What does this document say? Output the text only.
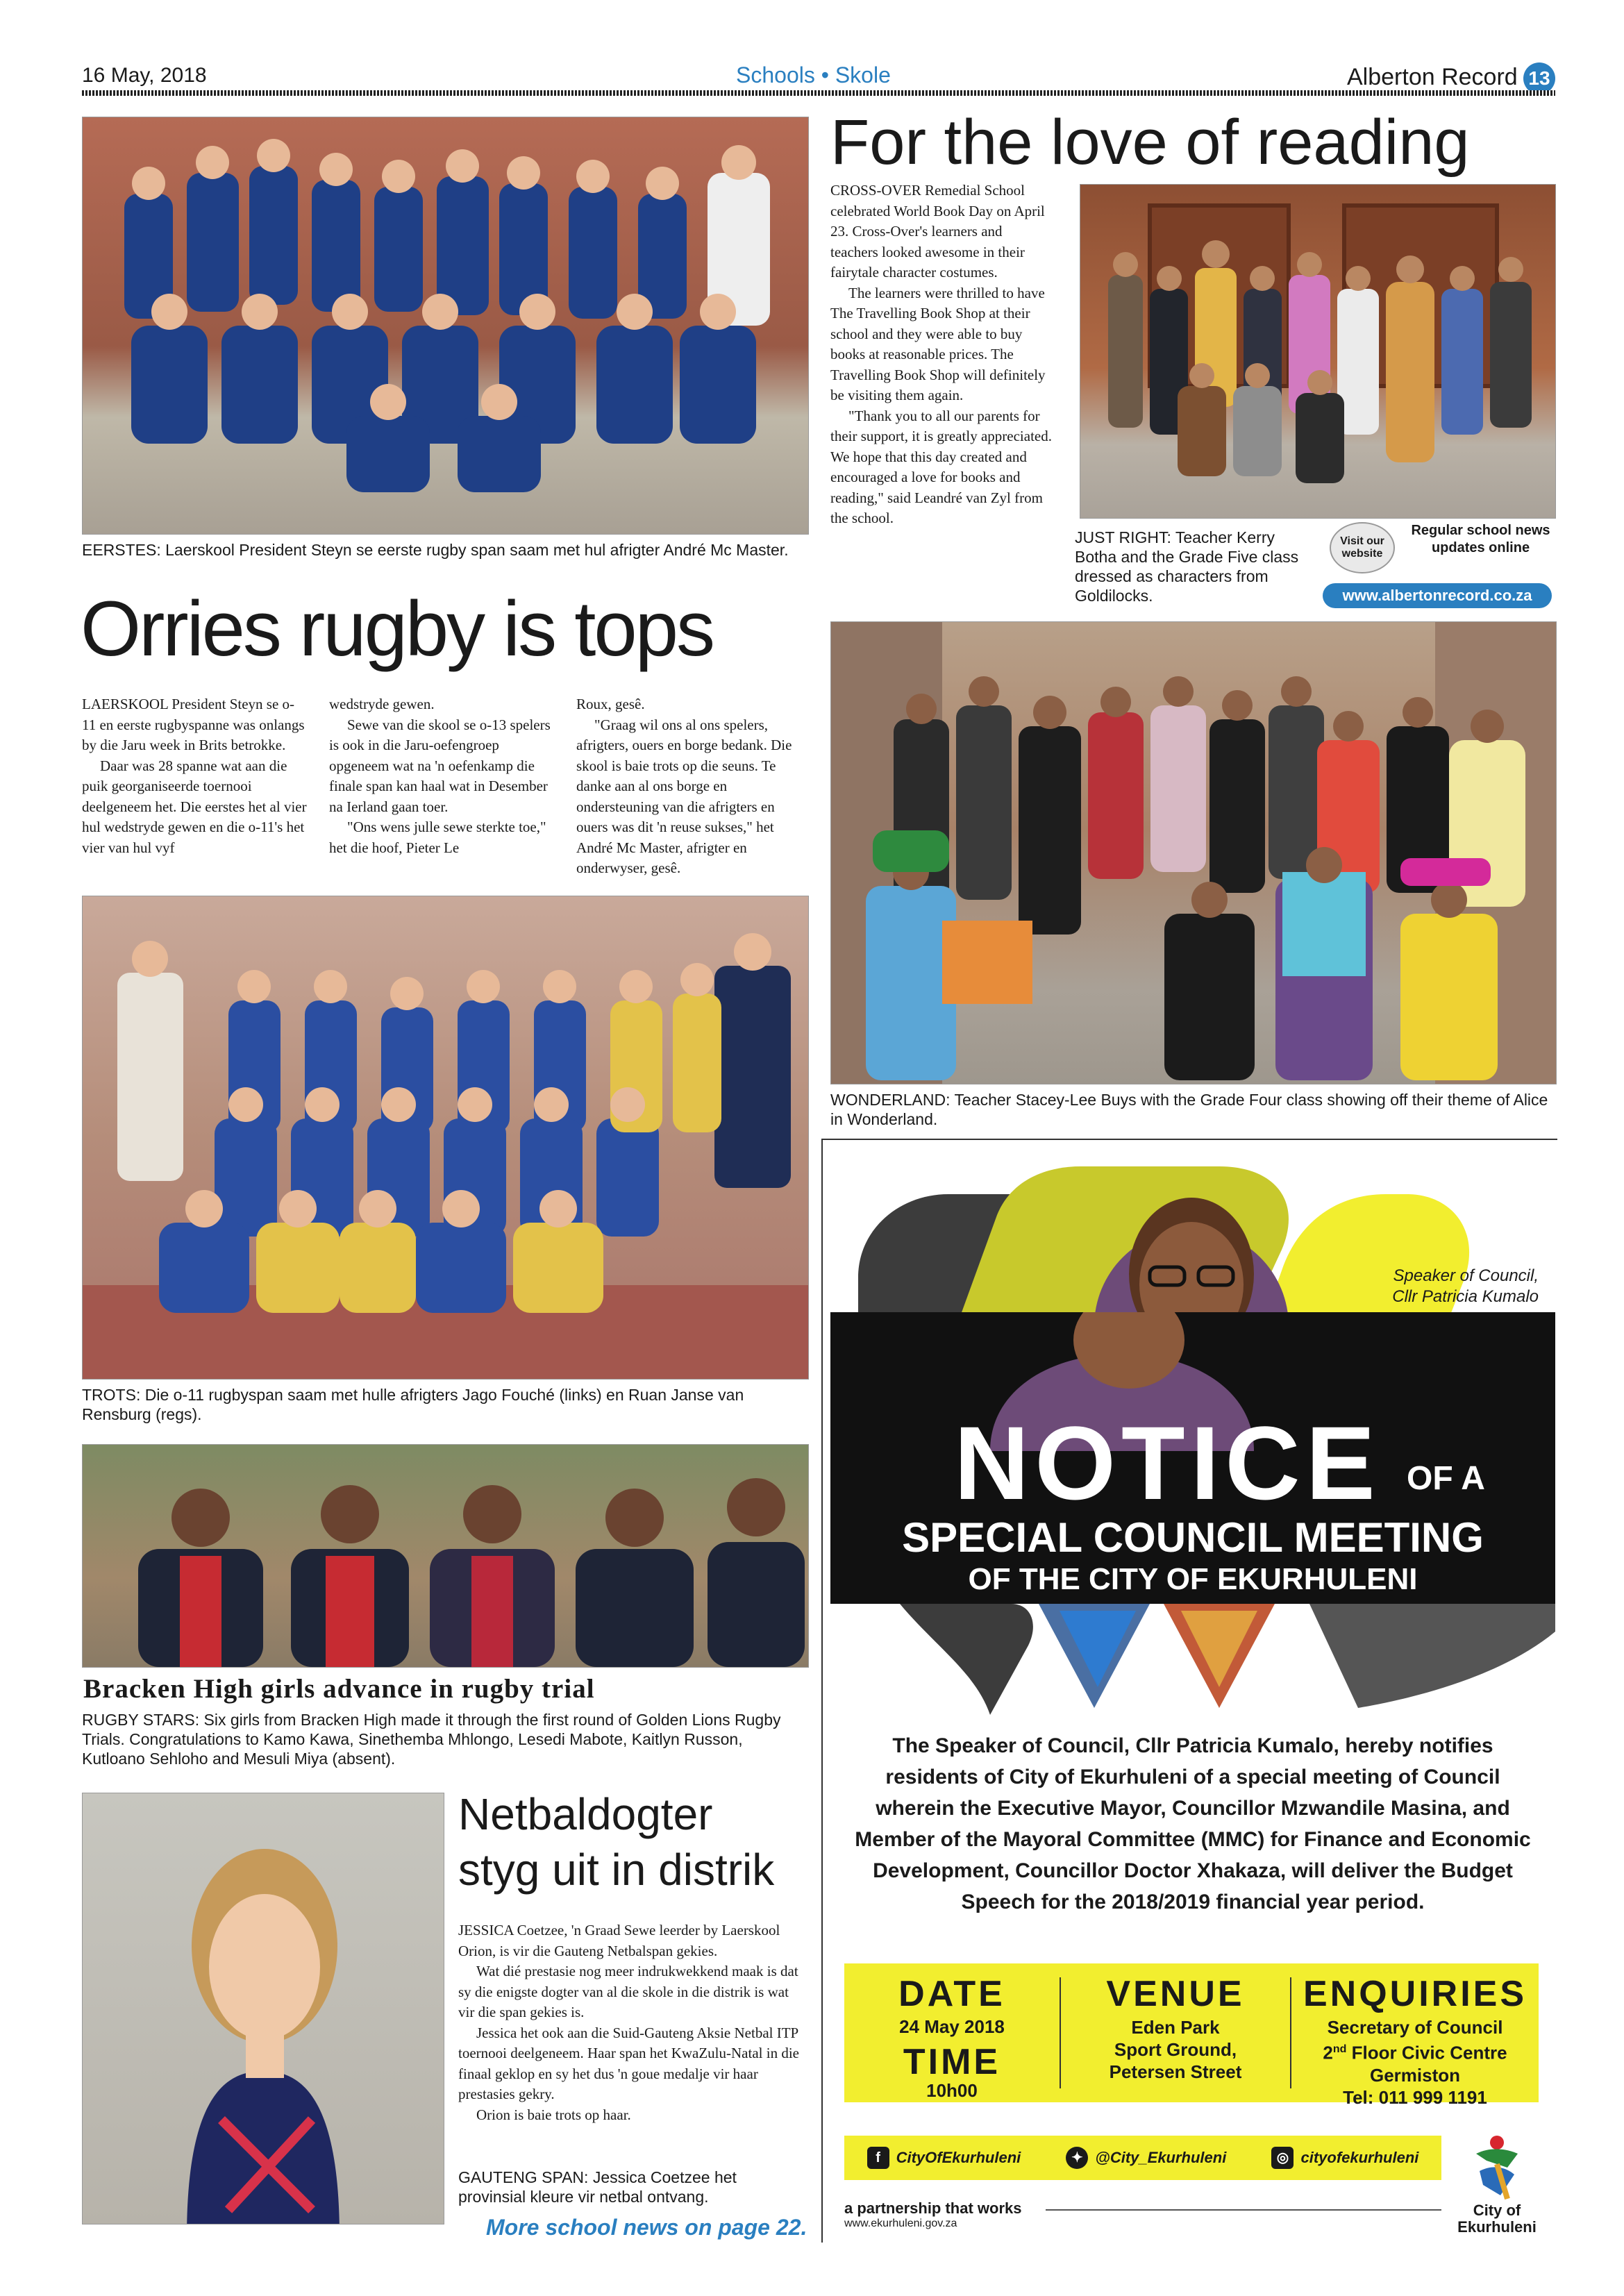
16 May, 2018	Schools • Skole	Alberton Record 13
EERSTES: Laerskool President Steyn se eerste rugby span saam met hul afrigter André Mc Master.
Orries rugby is tops

LAERSKOOL President Steyn se o-11 en eerste rugbyspanne was onlangs by die Jaru week in Brits betrokke.

Daar was 28 spanne wat aan die puik georganiseerde toernooi deelgeneem het. Die eerstes het al vier hul wedstryde gewen en die o-11's het vier van hul vyf

wedstryde gewen.

Sewe van die skool se o-13 spelers is ook in die Jaru-oefengroep opgeneem wat na 'n oefenkamp die finale span kan haal wat in Desember na Ierland gaan toer.

"Ons wens julle sewe sterkte toe," het die hoof, Pieter Le

Roux, gesê.

"Graag wil ons al ons spelers, afrigters, ouers en borge bedank. Die skool is baie trots op die seuns. Te danke aan al ons borge en ondersteuning van die afrigters en ouers was dit 'n reuse sukses," het André Mc Master, afrigter en onderwyser, gesê.

TROTS: Die o-11 rugbyspan saam met hulle afrigters Jago Fouché (links) en Ruan Janse van Rensburg (regs).
Bracken High girls advance in rugby trial
RUGBY STARS: Six girls from Bracken High made it through the first round of Golden Lions Rugby Trials. Congratulations to Kamo Kawa, Sinethemba Mhlongo, Lesedi Mabote, Kaitlyn Russon, Kutloano Sehloho and Mesuli Miya (absent).
Netbaldogter
styg uit in distrik

JESSICA Coetzee, 'n Graad Sewe leerder by Laerskool Orion, is vir die Gauteng Netbalspan gekies.

Wat dié prestasie nog meer indrukwekkend maak is dat sy die enigste dogter van al die skole in die distrik is wat vir die span gekies is.

Jessica het ook aan die Suid-Gauteng Aksie Netbal ITP toernooi deelgeneem. Haar span het KwaZulu-Natal in die finaal geklop en sy het dus 'n goue medalje vir haar prestasies gekry.

Orion is baie trots op haar.

GAUTENG SPAN: Jessica Coetzee het provinsial kleure vir netbal ontvang.
More school news on page 22.
For the love of reading

CROSS-OVER Remedial School celebrated World Book Day on April 23. Cross-Over's learners and teachers looked awesome in their fairytale character costumes.

The learners were thrilled to have The Travelling Book Shop at their school and they were able to buy books at reasonable prices. The Travelling Book Shop will definitely be visiting them again.

"Thank you to all our parents for their support, it is greatly appreciated. We hope that this day created and encouraged a love for books and reading," said Leandré van Zyl from the school.

JUST RIGHT: Teacher Kerry Botha and the Grade Five class dressed as characters from Goldilocks.
Visit our website
Regular school news updates online
www.albertonrecord.co.za
WONDERLAND: Teacher Stacey-Lee Buys with the Grade Four class showing off their theme of Alice in Wonderland.
Speaker of Council,
Cllr Patricia Kumalo
NOTICE OF A
SPECIAL COUNCIL MEETING
OF THE CITY OF EKURHULENI
The Speaker of Council, Cllr Patricia Kumalo, hereby notifies residents of City of Ekurhuleni of a special meeting of Council wherein the Executive Mayor, Councillor Mzwandile Masina, and Member of the Mayoral Committee (MMC) for Finance and Economic Development, Councillor Doctor Xhakaza, will deliver the Budget Speech for the 2018/2019 financial year period.
DATE
24 May 2018
TIME
10h00
VENUE
Eden Park
Sport Ground,
Petersen Street
ENQUIRIES
Secretary of Council
2nd Floor Civic Centre
Germiston
Tel: 011 999 1191
f	CityOfEkurhuleni	✦ @City_Ekurhuleni	◎ cityofekurhuleni
a partnership that works
www.ekurhuleni.gov.za
City of
Ekurhuleni
